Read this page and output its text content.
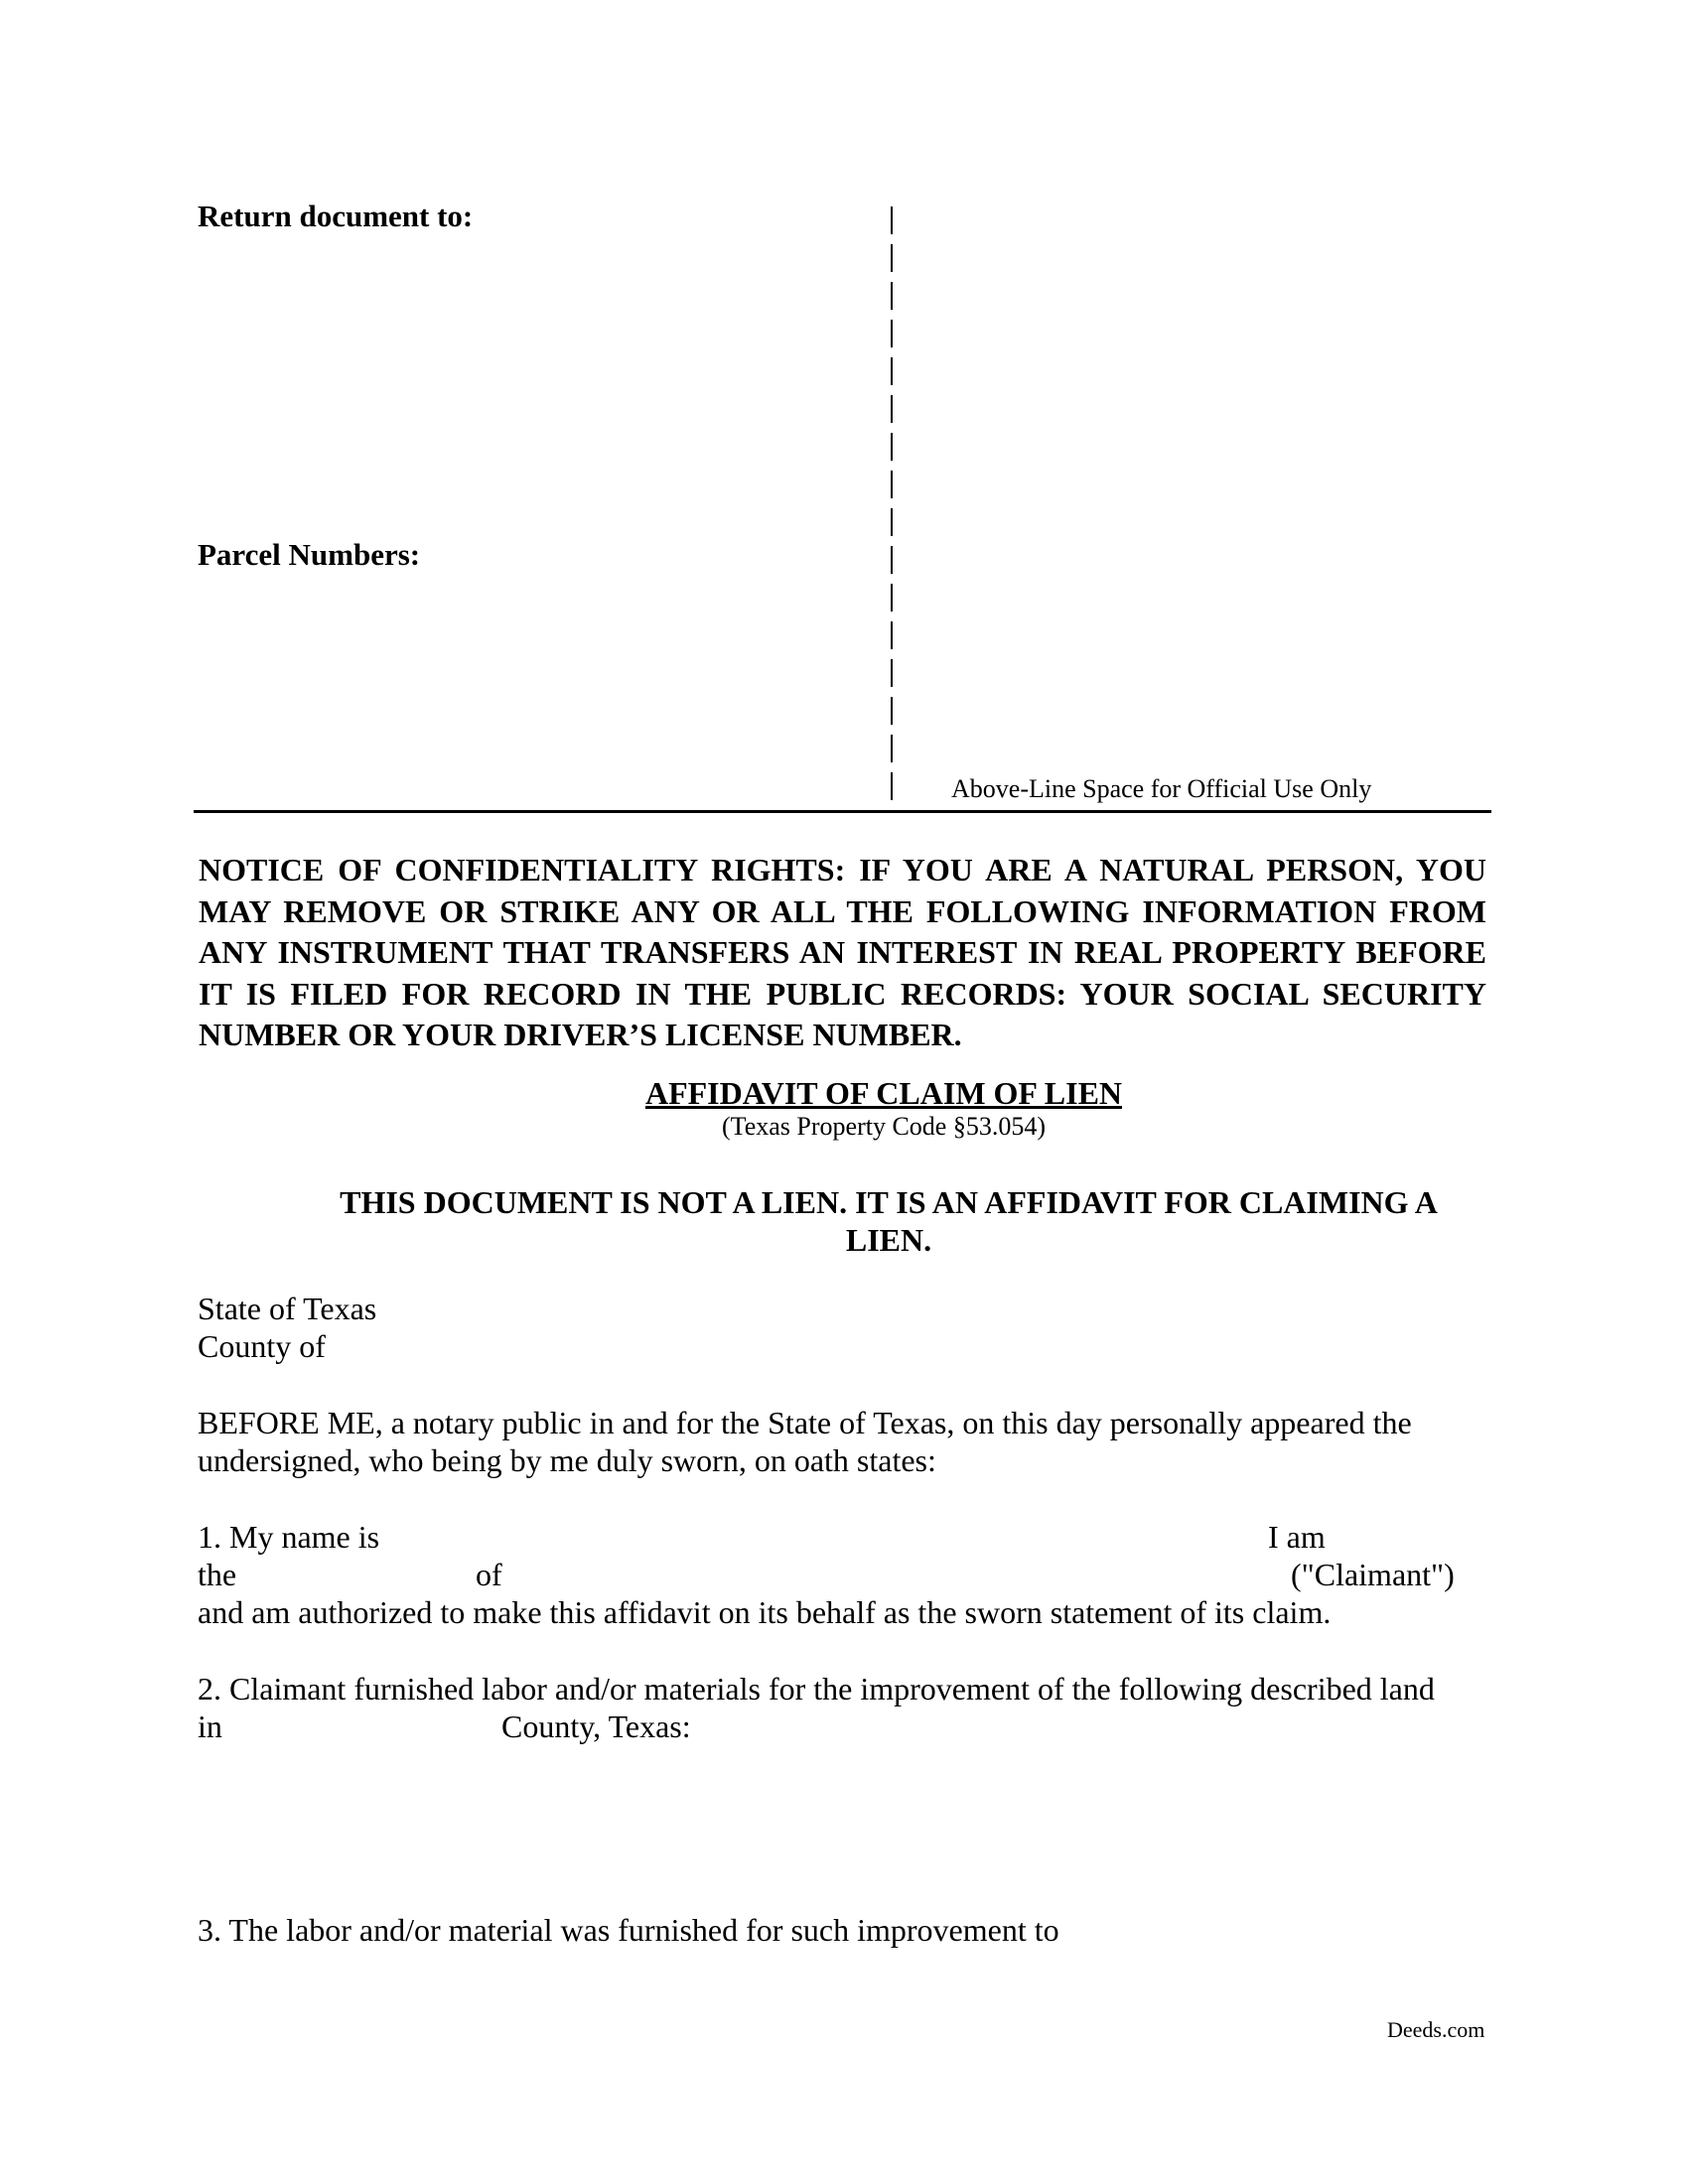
Return document to:
Parcel Numbers:
Above-Line Space for Official Use Only
NOTICE OF CONFIDENTIALITY RIGHTS: IF YOU ARE A NATURAL PERSON, YOU MAY REMOVE OR STRIKE ANY OR ALL THE FOLLOWING INFORMATION FROM ANY INSTRUMENT THAT TRANSFERS AN INTEREST IN REAL PROPERTY BEFORE IT IS FILED FOR RECORD IN THE PUBLIC RECORDS: YOUR SOCIAL SECURITY NUMBER OR YOUR DRIVER’S LICENSE NUMBER.
AFFIDAVIT OF CLAIM OF LIEN
(Texas Property Code §53.054)
THIS DOCUMENT IS NOT A LIEN. IT IS AN AFFIDAVIT FOR CLAIMING A LIEN.
State of Texas
County of
BEFORE ME, a notary public in and for the State of Texas, on this day personally appeared the
undersigned, who being by me duly sworn, on oath states:
1. My name is	I am
the	of	("Claimant")
and am authorized to make this affidavit on its behalf as the sworn statement of its claim.
2. Claimant furnished labor and/or materials for the improvement of the following described land
in	County, Texas:
3. The labor and/or material was furnished for such improvement to
Deeds.com
